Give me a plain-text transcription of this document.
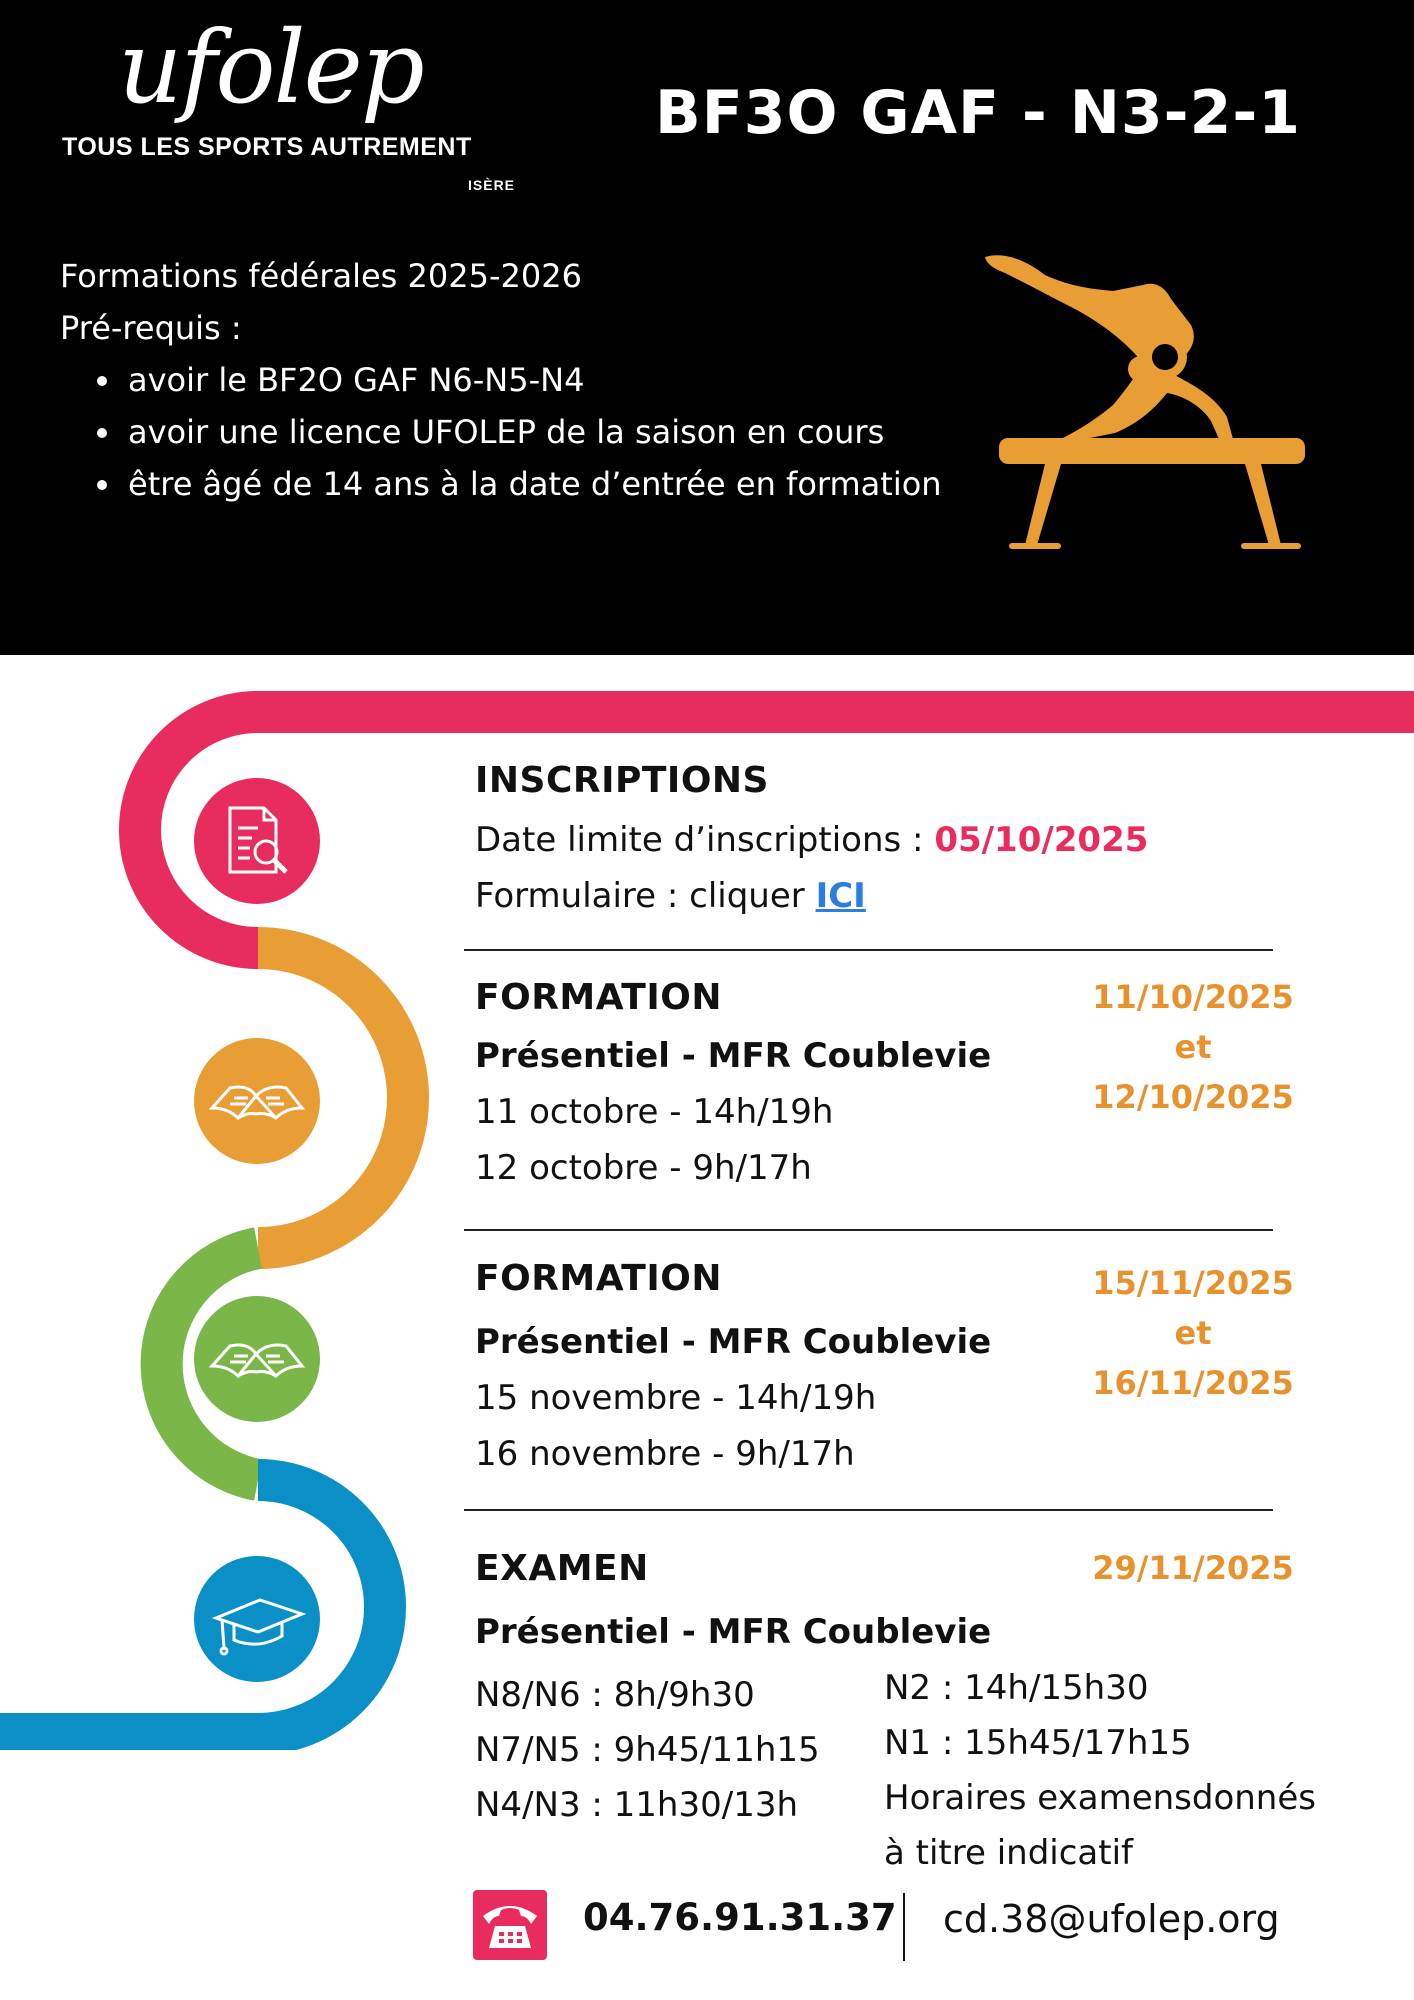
ufolep
TOUS LES SPORTS AUTREMENT
ISÈRE
BF3O GAF - N3-2-1
Formations fédérales 2025-2026
Pré-requis :
• avoir le BF2O GAF N6-N5-N4
• avoir une licence UFOLEP de la saison en cours
• être âgé de 14 ans à la date d’entrée en formation
INSCRIPTIONS
Date limite d’inscriptions : 05/10/2025
Formulaire : cliquer ICI
FORMATION
Présentiel - MFR Coublevie
11 octobre - 14h/19h
12 octobre - 9h/17h
11/10/2025
et
12/10/2025
FORMATION
Présentiel - MFR Coublevie
15 novembre - 14h/19h
16 novembre - 9h/17h
15/11/2025
et
16/11/2025
EXAMEN	29/11/2025
Présentiel - MFR Coublevie
N8/N6 : 8h/9h30
N7/N5 : 9h45/11h15
N4/N3 : 11h30/13h
N2 : 14h/15h30
N1 : 15h45/17h15
Horaires examensdonnés
à titre indicatif
04.76.91.31.37 cd.38@ufolep.org
